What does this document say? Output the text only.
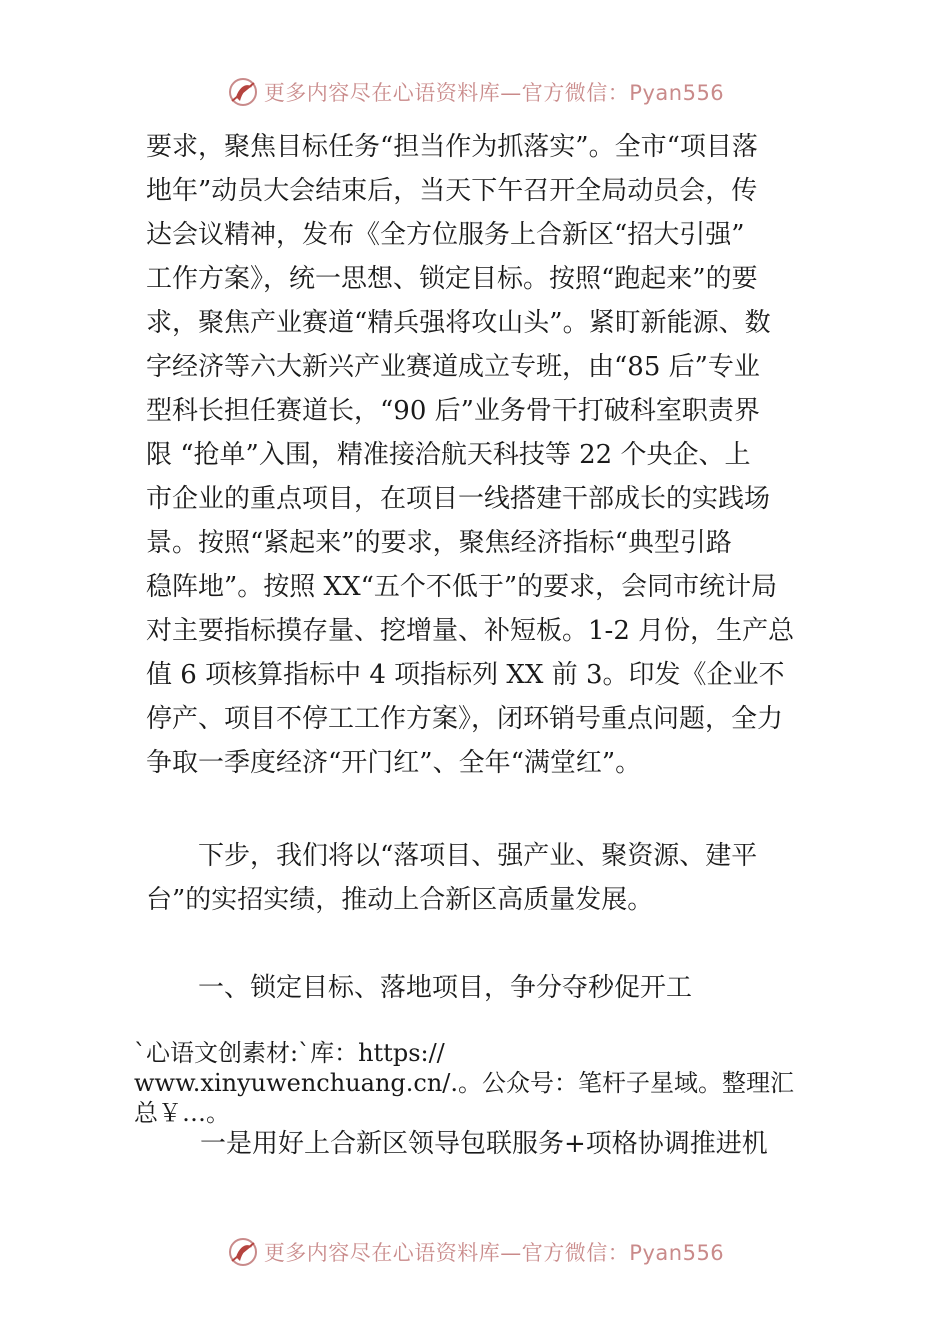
更多内容尽在心语资料库—官方微信：Pyan556
要求，聚焦目标任务“担当作为抓落实”。全市“项目落
地年”动员大会结束后，当天下午召开全局动员会，传
达会议精神，发布《全方位服务上合新区“招大引强”
工作方案》，统一思想、锁定目标。按照“跑起来”的要
求，聚焦产业赛道“精兵强将攻山头”。紧盯新能源、数
字经济等六大新兴产业赛道成立专班，由“85 后”专业
型科长担任赛道长，“90 后”业务骨干打破科室职责界
限 “抢单”入围，精准接洽航天科技等 22 个央企、上
市企业的重点项目，在项目一线搭建干部成长的实践场
景。按照“紧起来”的要求，聚焦经济指标“典型引路
稳阵地”。按照 XX“五个不低于”的要求，会同市统计局
对主要指标摸存量、挖增量、补短板。1-2 月份，生产总
值 6 项核算指标中 4 项指标列 XX 前 3。印发《企业不
停产、项目不停工工作方案》，闭环销号重点问题，全力
争取一季度经济“开门红”、全年“满堂红”。
　　下步，我们将以“落项目、强产业、聚资源、建平
台”的实招实绩，推动上合新区高质量发展。
　　一、锁定目标、落地项目，争分夺秒促开工
`心语文创素材:`库：https://
www.xinyuwenchuang.cn/.。公众号：笔杆子星域。整理汇
总￥…。
一是用好上合新区领导包联服务+项格协调推进机
更多内容尽在心语资料库—官方微信：Pyan556
